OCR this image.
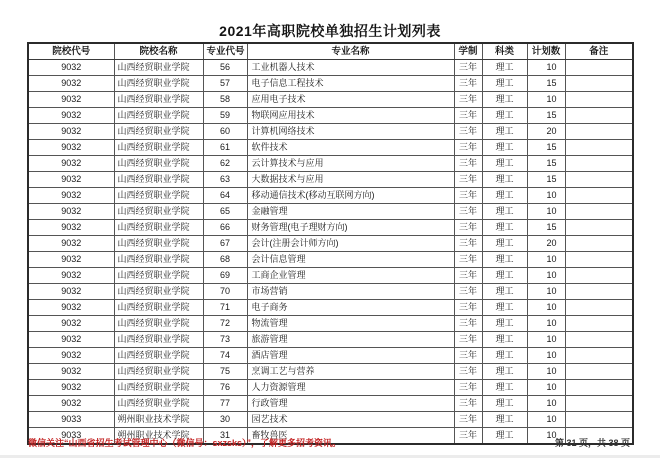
2021年高职院校单独招生计划列表
院校代号	院校名称	专业代号	专业名称	学制	科类	计划数	备注
9032	山西经贸职业学院	56	工业机器人技术	三年	理工	10	
9032	山西经贸职业学院	57	电子信息工程技术	三年	理工	15	
9032	山西经贸职业学院	58	应用电子技术	三年	理工	10	
9032	山西经贸职业学院	59	物联网应用技术	三年	理工	15	
9032	山西经贸职业学院	60	计算机网络技术	三年	理工	20	
9032	山西经贸职业学院	61	软件技术	三年	理工	15	
9032	山西经贸职业学院	62	云计算技术与应用	三年	理工	15	
9032	山西经贸职业学院	63	大数据技术与应用	三年	理工	15	
9032	山西经贸职业学院	64	移动通信技术(移动互联网方向)	三年	理工	10	
9032	山西经贸职业学院	65	金融管理	三年	理工	10	
9032	山西经贸职业学院	66	财务管理(电子理财方向)	三年	理工	15	
9032	山西经贸职业学院	67	会计(注册会计师方向)	三年	理工	20	
9032	山西经贸职业学院	68	会计信息管理	三年	理工	10	
9032	山西经贸职业学院	69	工商企业管理	三年	理工	10	
9032	山西经贸职业学院	70	市场营销	三年	理工	10	
9032	山西经贸职业学院	71	电子商务	三年	理工	10	
9032	山西经贸职业学院	72	物流管理	三年	理工	10	
9032	山西经贸职业学院	73	旅游管理	三年	理工	10	
9032	山西经贸职业学院	74	酒店管理	三年	理工	10	
9032	山西经贸职业学院	75	烹调工艺与营养	三年	理工	10	
9032	山西经贸职业学院	76	人力资源管理	三年	理工	10	
9032	山西经贸职业学院	77	行政管理	三年	理工	10	
9033	朔州职业技术学院	30	园艺技术	三年	理工	10	
9033	朔州职业技术学院	31	畜牧兽医	三年	理工	10	
微信关注“山西省招生考试管理中心（微信号：sxzsks）”，了解更多招考资讯。	第 31 页，共 38 页
